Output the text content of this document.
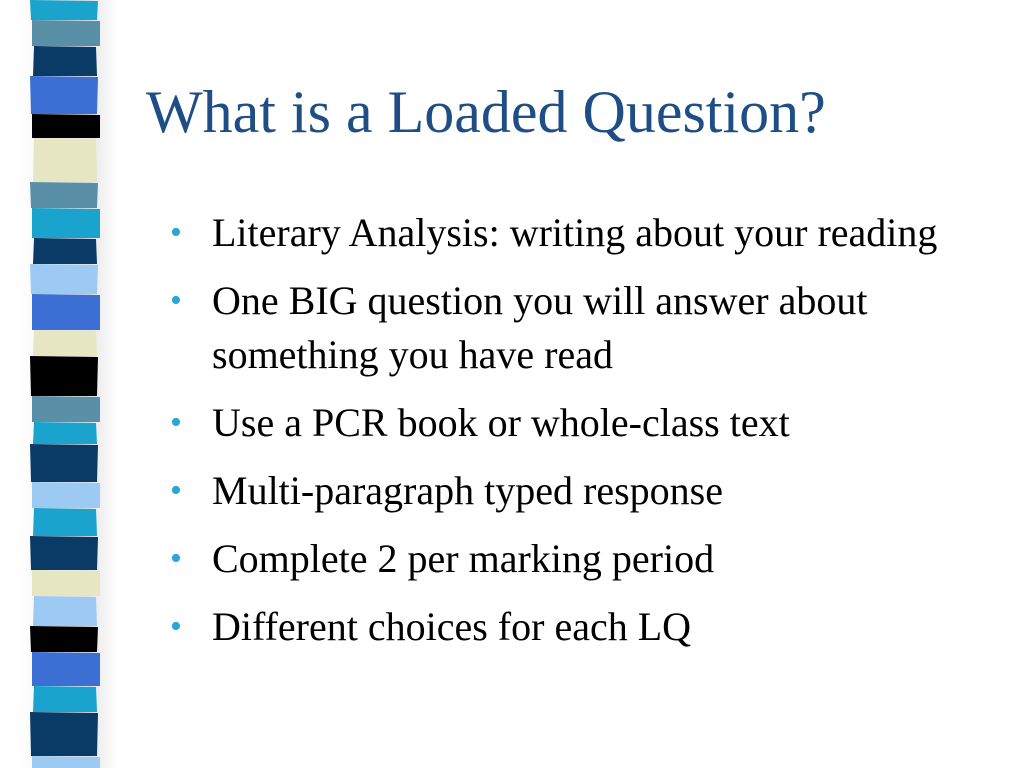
What is a Loaded Question?
• Literary Analysis: writing about your reading
• One BIG question you will answer about something you have read
• Use a PCR book or whole-class text
• Multi-paragraph typed response
• Complete 2 per marking period
• Different choices for each LQ
